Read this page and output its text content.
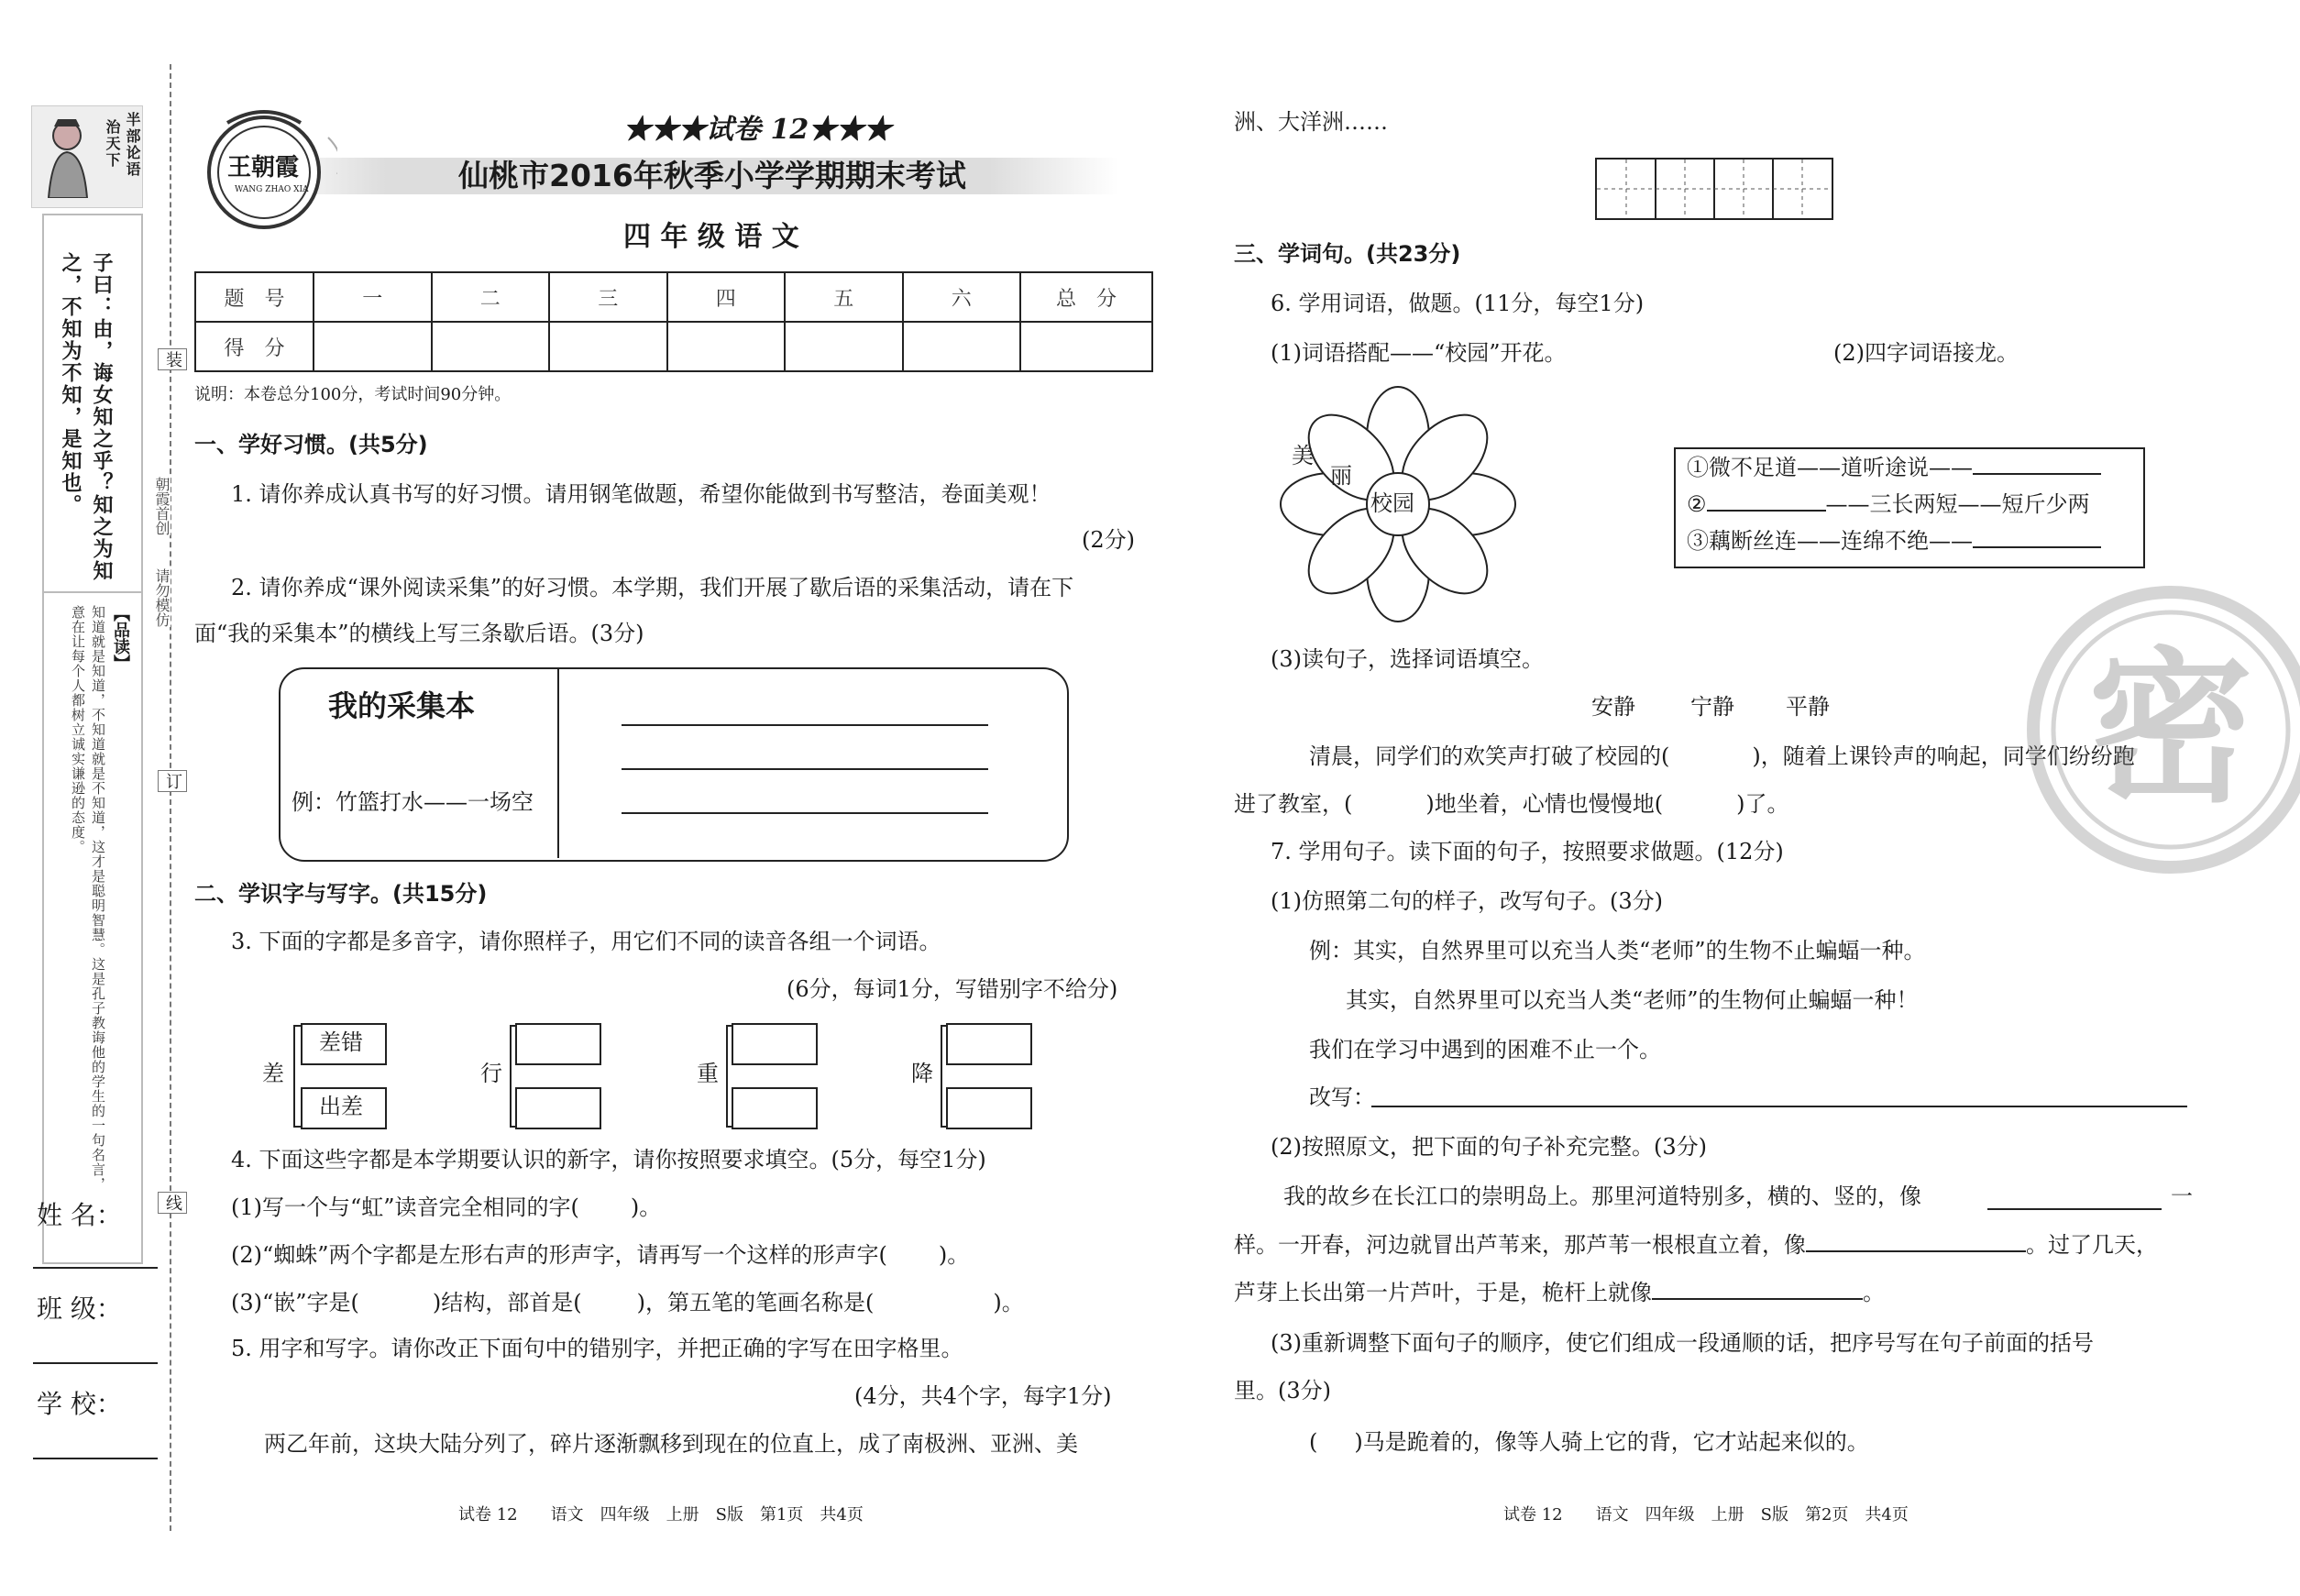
半部论语
治天下
子曰：由，诲女知之乎？知之为知之，不知为不知，是知也。
【品读】
知道就是知道，不知道就是不知道，这才是聪明智慧。这是孔子教诲他的学生的一句名言，意在让每个人都树立诚实谦逊的态度。
装
朝霞首创
请勿模仿
订
线
姓 名：
班 级：
学 校：
王朝霞
WANG ZHAO XIA
★★★试卷 12★★★
仙桃市2016年秋季小学学期期末考试
四 年 级 语 文
题　号	一	二	三	四	五	六	总　分
得　分							
说明：本卷总分100分，考试时间90分钟。
一、学好习惯。(共5分)
1. 请你养成认真书写的好习惯。请用钢笔做题，希望你能做到书写整洁，卷面美观！
(2分)
2. 请你养成“课外阅读采集”的好习惯。本学期，我们开展了歇后语的采集活动，请在下
面“我的采集本”的横线上写三条歇后语。(3分)
我的采集本
例：竹篮打水——一场空
二、学识字与写字。(共15分)
3. 下面的字都是多音字，请你照样子，用它们不同的读音各组一个词语。
(6分，每词1分，写错别字不给分)
差
差错
出差
行	重	降
4. 下面这些字都是本学期要认识的新字，请你按照要求填空。(5分，每空1分)
(1)写一个与“虹”读音完全相同的字( )。
(2)“蜘蛛”两个字都是左形右声的形声字，请再写一个这样的形声字( )。
(3)“嵌”字是(	)结构，部首是(	)，第五笔的笔画名称是(	)。
5. 用字和写字。请你改正下面句中的错别字，并把正确的字写在田字格里。
(4分，共4个字，每字1分)
两乙年前，这块大陆分列了，碎片逐渐飘移到现在的位直上，成了南极洲、亚洲、美
试卷 12　　语文　四年级　上册　S版　第1页　共4页
洲、大洋洲……
三、学词句。(共23分)
6. 学用词语，做题。(11分，每空1分)
(1)词语搭配——“校园”开花。	(2)四字词语接龙。
校园
美
丽	①微不足道——道听途说——
②	——三长两短——短斤少两
③藕断丝连——连绵不绝——
(3)读句子，选择词语填空。
安静	宁静 平静
清晨，同学们的欢笑声打破了校园的(	)，随着上课铃声的响起，同学们纷纷跑
进了教室，(	)地坐着，心情也慢慢地(	)了。
7. 学用句子。读下面的句子，按照要求做题。(12分)
(1)仿照第二句的样子，改写句子。(3分)
例：其实，自然界里可以充当人类“老师”的生物不止蝙蝠一种。
其实，自然界里可以充当人类“老师”的生物何止蝙蝠一种！
我们在学习中遇到的困难不止一个。
改写：
(2)按照原文，把下面的句子补充完整。(3分)
我的故乡在长江口的崇明岛上。那里河道特别多，横的、竖的，像	一
样。一开春，河边就冒出芦苇来，那芦苇一根根直立着，像	。过了几天，
芦芽上长出第一片芦叶，于是，桅杆上就像	。
(3)重新调整下面句子的顺序，使它们组成一段通顺的话，把序号写在句子前面的括号
里。(3分)
( )马是跪着的，像等人骑上它的背，它才站起来似的。
密
试卷 12　　语文　四年级　上册　S版　第2页　共4页
